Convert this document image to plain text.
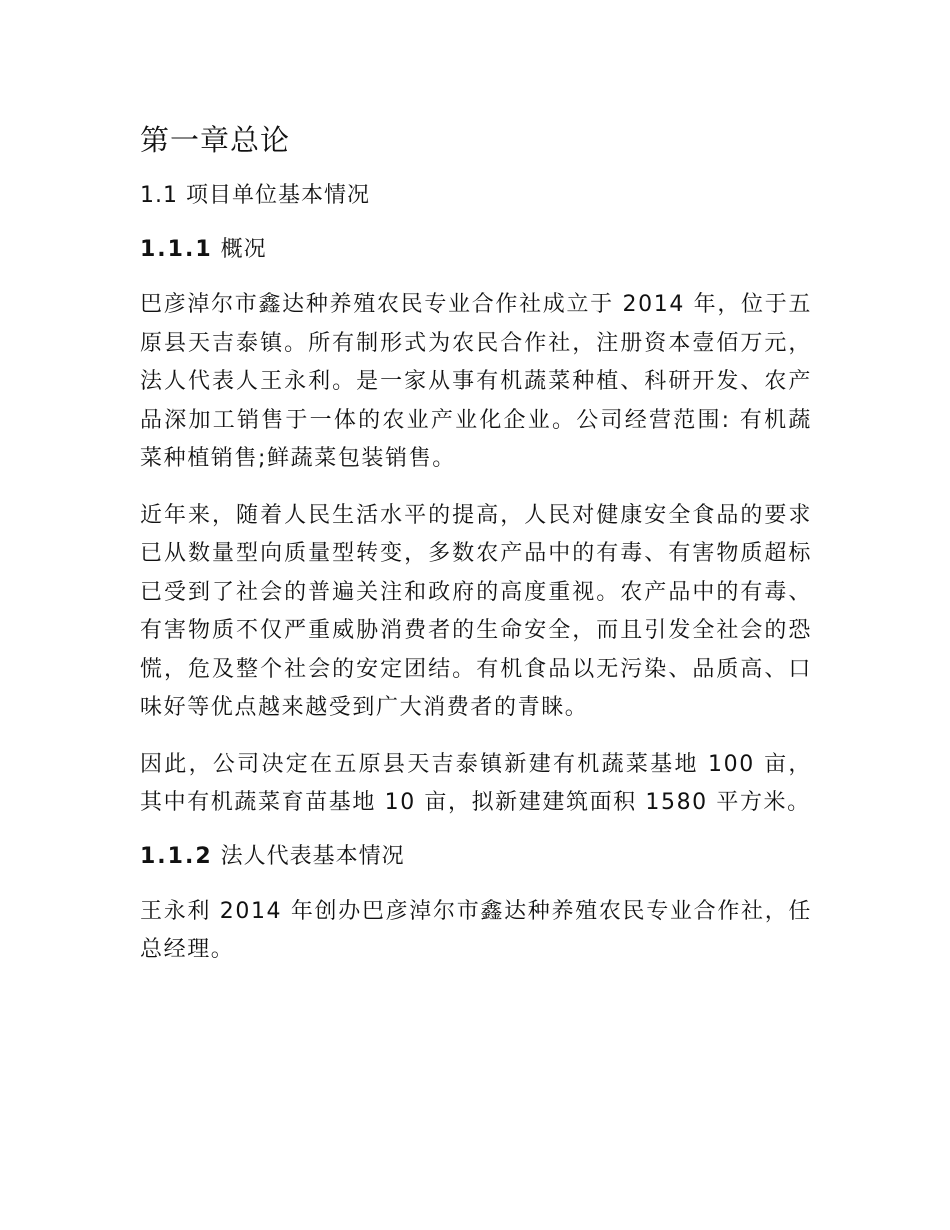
第一章总论
1.1 项目单位基本情况
1.1.1 概况

巴彦淖尔市鑫达种养殖农民专业合作社成立于 2014 年，位于五原县天吉泰镇。所有制形式为农民合作社，注册资本壹佰万元，法人代表人王永利。是一家从事有机蔬菜种植、科研开发、农产品深加工销售于一体的农业产业化企业。公司经营范围: 有机蔬菜种植销售;鲜蔬菜包装销售。

近年来，随着人民生活水平的提高，人民对健康安全食品的要求已从数量型向质量型转变，多数农产品中的有毒、有害物质超标已受到了社会的普遍关注和政府的高度重视。农产品中的有毒、有害物质不仅严重威胁消费者的生命安全，而且引发全社会的恐慌，危及整个社会的安定团结。有机食品以无污染、品质高、口味好等优点越来越受到广大消费者的青睐。

因此，公司决定在五原县天吉泰镇新建有机蔬菜基地 100 亩，其中有机蔬菜育苗基地 10 亩，拟新建建筑面积 1580 平方米。

1.1.2 法人代表基本情况

王永利 2014 年创办巴彦淖尔市鑫达种养殖农民专业合作社，任总经理。
